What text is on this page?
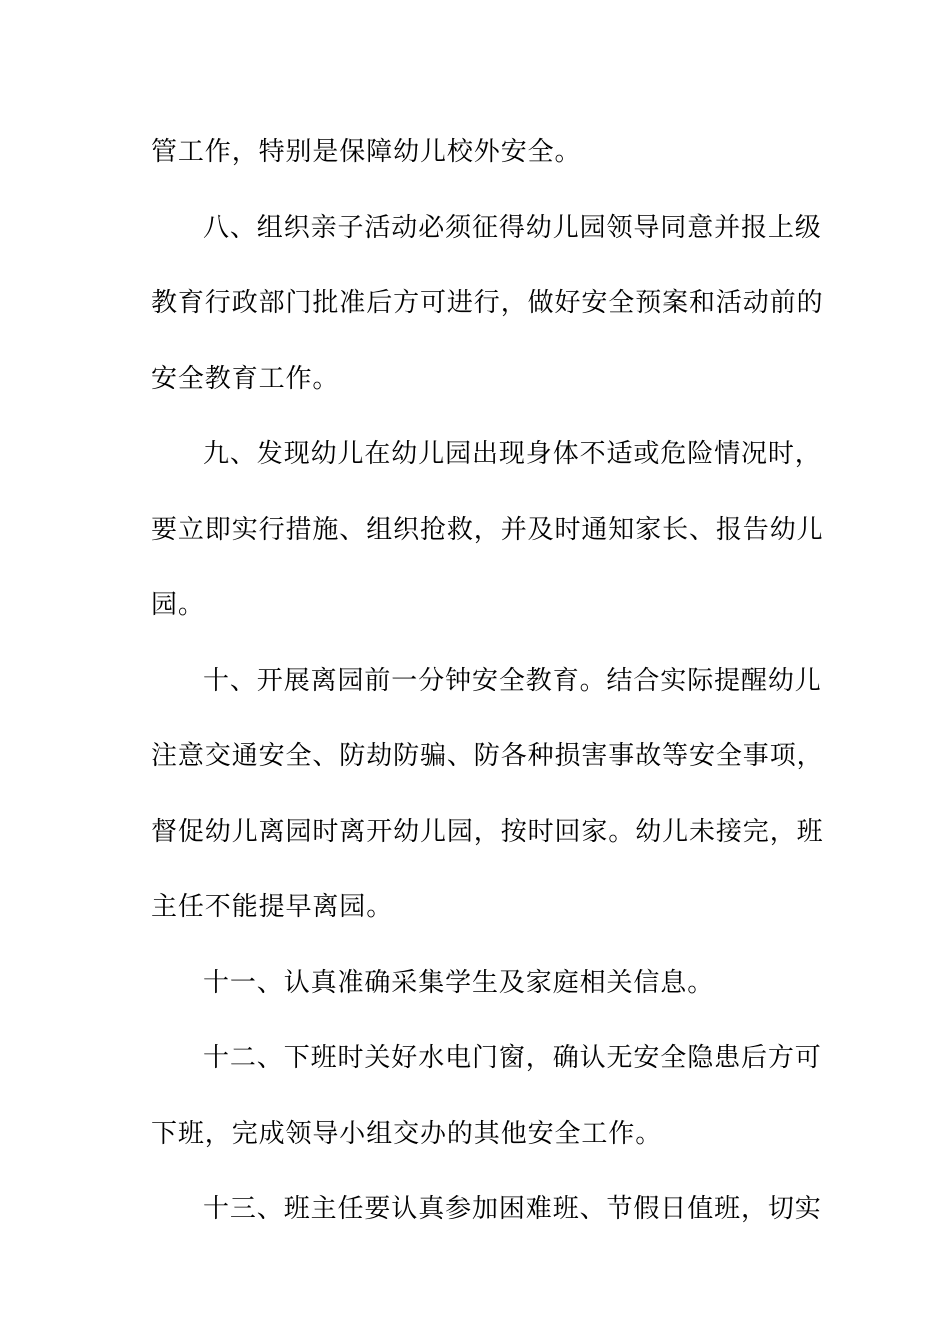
管工作，特别是保障幼儿校外安全。
八、组织亲子活动必须征得幼儿园领导同意并报上级
教育行政部门批准后方可进行，做好安全预案和活动前的
安全教育工作。
九、发现幼儿在幼儿园出现身体不适或危险情况时，
要立即实行措施、组织抢救，并及时通知家长、报告幼儿
园。
十、开展离园前一分钟安全教育。结合实际提醒幼儿
注意交通安全、防劫防骗、防各种损害事故等安全事项，
督促幼儿离园时离开幼儿园，按时回家。幼儿未接完，班
主任不能提早离园。
十一、认真准确采集学生及家庭相关信息。
十二、下班时关好水电门窗，确认无安全隐患后方可
下班，完成领导小组交办的其他安全工作。
十三、班主任要认真参加困难班、节假日值班，切实
